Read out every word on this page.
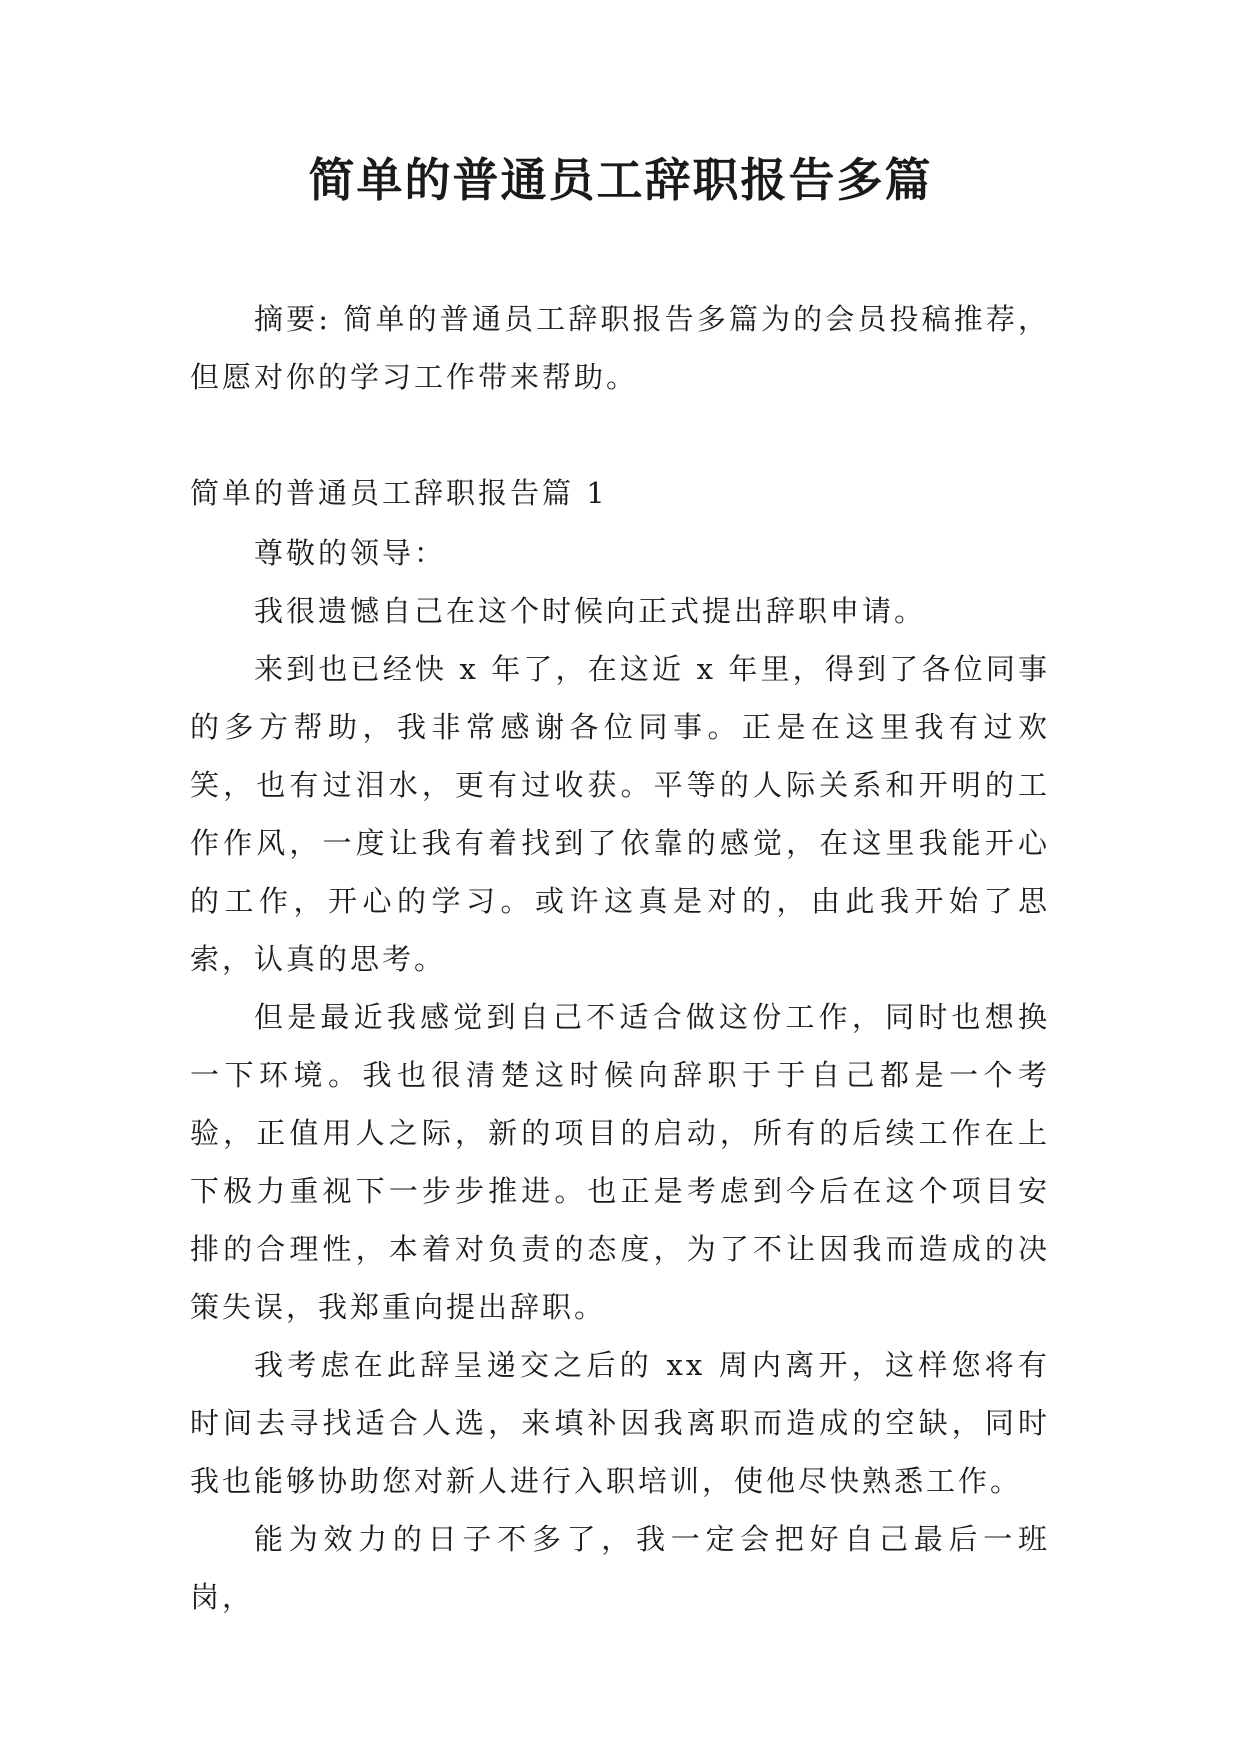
简单的普通员工辞职报告多篇

摘要: 简单的普通员工辞职报告多篇为的会员投稿推荐，但愿对你的学习工作带来帮助。

简单的普通员工辞职报告篇 1

尊敬的领导：

我很遗憾自己在这个时候向正式提出辞职申请。

来到也已经快 x 年了，在这近 x 年里，得到了各位同事的多方帮助，我非常感谢各位同事。正是在这里我有过欢笑，也有过泪水，更有过收获。平等的人际关系和开明的工作作风，一度让我有着找到了依靠的感觉，在这里我能开心的工作，开心的学习。或许这真是对的，由此我开始了思索，认真的思考。

但是最近我感觉到自己不适合做这份工作，同时也想换一下环境。我也很清楚这时候向辞职于于自己都是一个考验，正值用人之际，新的项目的启动，所有的后续工作在上下极力重视下一步步推进。也正是考虑到今后在这个项目安排的合理性，本着对负责的态度，为了不让因我而造成的决策失误，我郑重向提出辞职。

我考虑在此辞呈递交之后的 xx 周内离开，这样您将有时间去寻找适合人选，来填补因我离职而造成的空缺，同时我也能够协助您对新人进行入职培训，使他尽快熟悉工作。

能为效力的日子不多了，我一定会把好自己最后一班岗，
